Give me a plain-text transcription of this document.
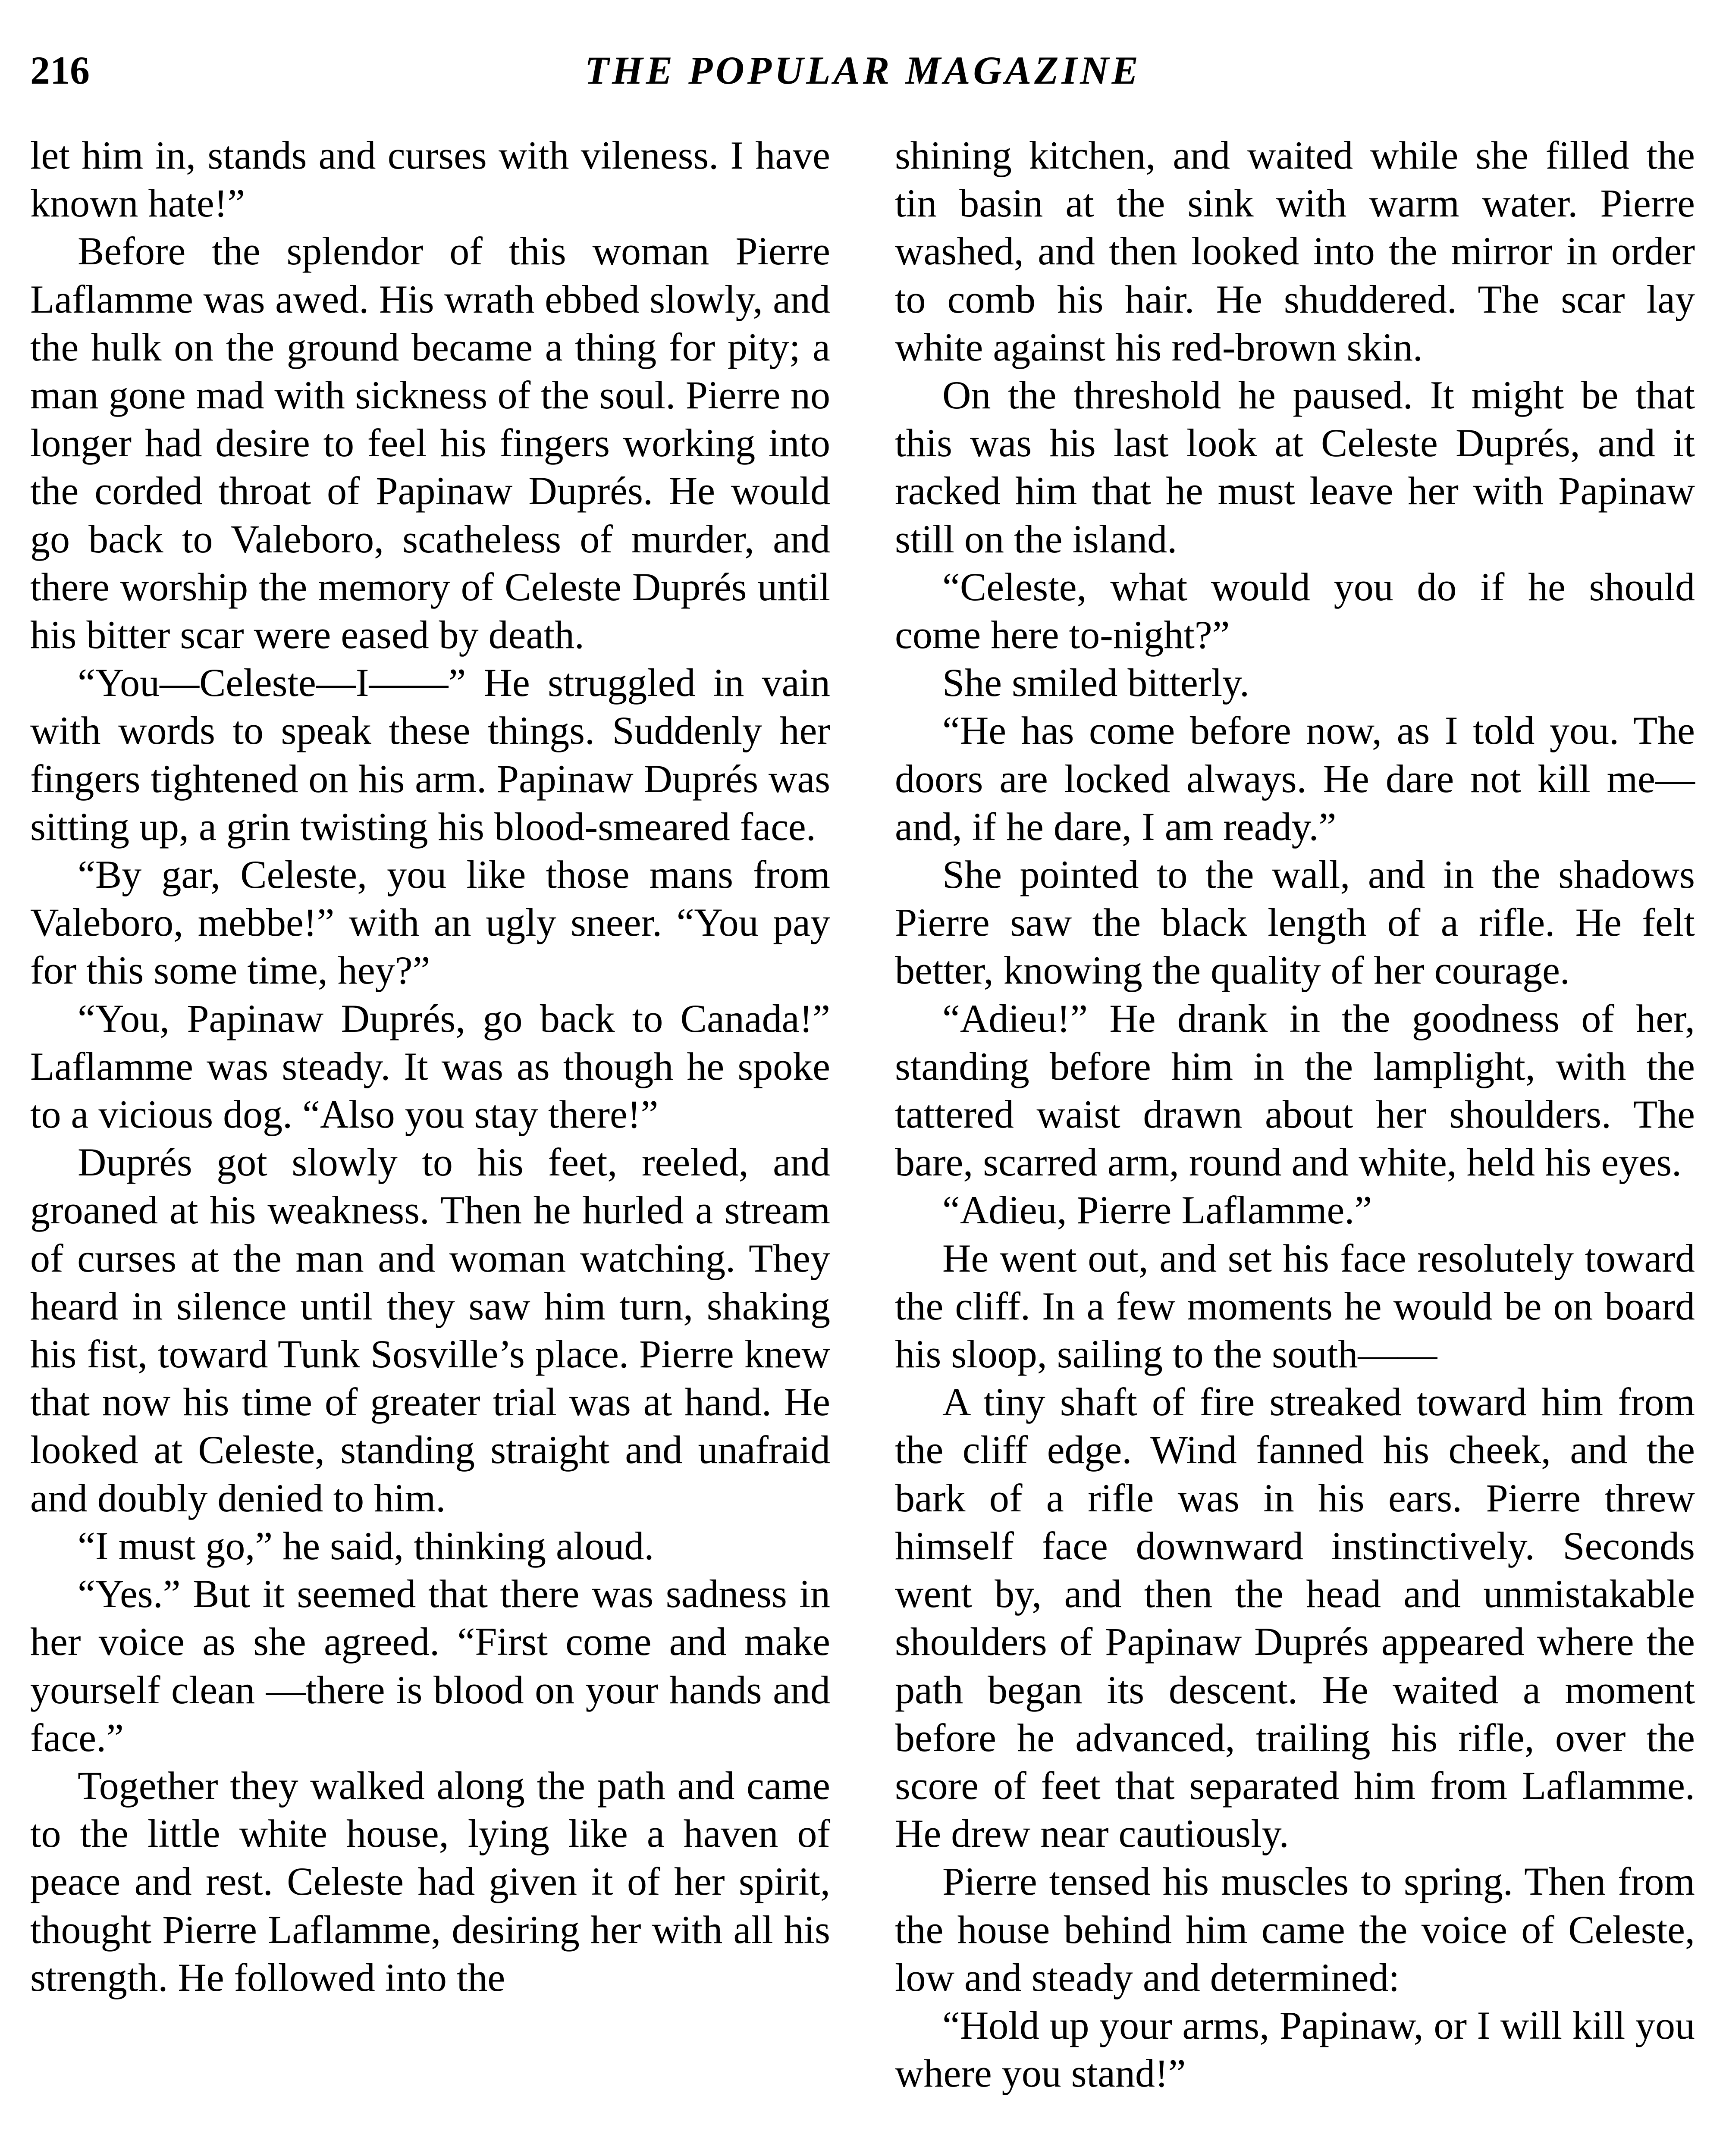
216	THE POPULAR MAGAZINE

let him in, stands and curses with vileness. I have known hate!”

Before the splendor of this woman Pierre Laflamme was awed. His wrath ebbed slowly, and the hulk on the ground became a thing for pity; a man gone mad with sickness of the soul. Pierre no longer had desire to feel his fingers working into the corded throat of Papinaw Duprés. He would go back to Valeboro, scatheless of murder, and there worship the memory of Celeste Duprés until his bitter scar were eased by death.

“You—Celeste—I——” He struggled in vain with words to speak these things. Suddenly her fingers tightened on his arm. Papinaw Duprés was sitting up, a grin twisting his blood-smeared face.

“By gar, Celeste, you like those mans from Valeboro, mebbe!” with an ugly sneer. “You pay for this some time, hey?”

“You, Papinaw Duprés, go back to Canada!” Laflamme was steady. It was as though he spoke to a vicious dog. “Also you stay there!”

Duprés got slowly to his feet, reeled, and groaned at his weakness. Then he hurled a stream of curses at the man and woman watching. They heard in silence until they saw him turn, shaking his fist, toward Tunk Sosville’s place. Pierre knew that now his time of greater trial was at hand. He looked at Celeste, standing straight and unafraid and doubly denied to him.

“I must go,” he said, thinking aloud.

“Yes.” But it seemed that there was sadness in her voice as she agreed. “First come and make yourself clean —there is blood on your hands and face.”

Together they walked along the path and came to the little white house, lying like a haven of peace and rest. Celeste had given it of her spirit, thought Pierre Laflamme, desiring her with all his strength. He followed into the

shining kitchen, and waited while she filled the tin basin at the sink with warm water. Pierre washed, and then looked into the mirror in order to comb his hair. He shuddered. The scar lay white against his red-brown skin.

On the threshold he paused. It might be that this was his last look at Celeste Duprés, and it racked him that he must leave her with Papinaw still on the island.

“Celeste, what would you do if he should come here to-night?”

She smiled bitterly.

“He has come before now, as I told you. The doors are locked always. He dare not kill me—and, if he dare, I am ready.”

She pointed to the wall, and in the shadows Pierre saw the black length of a rifle. He felt better, knowing the quality of her courage.

“Adieu!” He drank in the goodness of her, standing before him in the lamplight, with the tattered waist drawn about her shoulders. The bare, scarred arm, round and white, held his eyes.

“Adieu, Pierre Laflamme.”

He went out, and set his face resolutely toward the cliff. In a few moments he would be on board his sloop, sailing to the south——

A tiny shaft of fire streaked toward him from the cliff edge. Wind fanned his cheek, and the bark of a rifle was in his ears. Pierre threw himself face downward instinctively. Seconds went by, and then the head and unmistakable shoulders of Papinaw Duprés appeared where the path began its descent. He waited a moment before he advanced, trailing his rifle, over the score of feet that separated him from Laflamme. He drew near cautiously.

Pierre tensed his muscles to spring. Then from the house behind him came the voice of Celeste, low and steady and determined:

“Hold up your arms, Papinaw, or I will kill you where you stand!”
